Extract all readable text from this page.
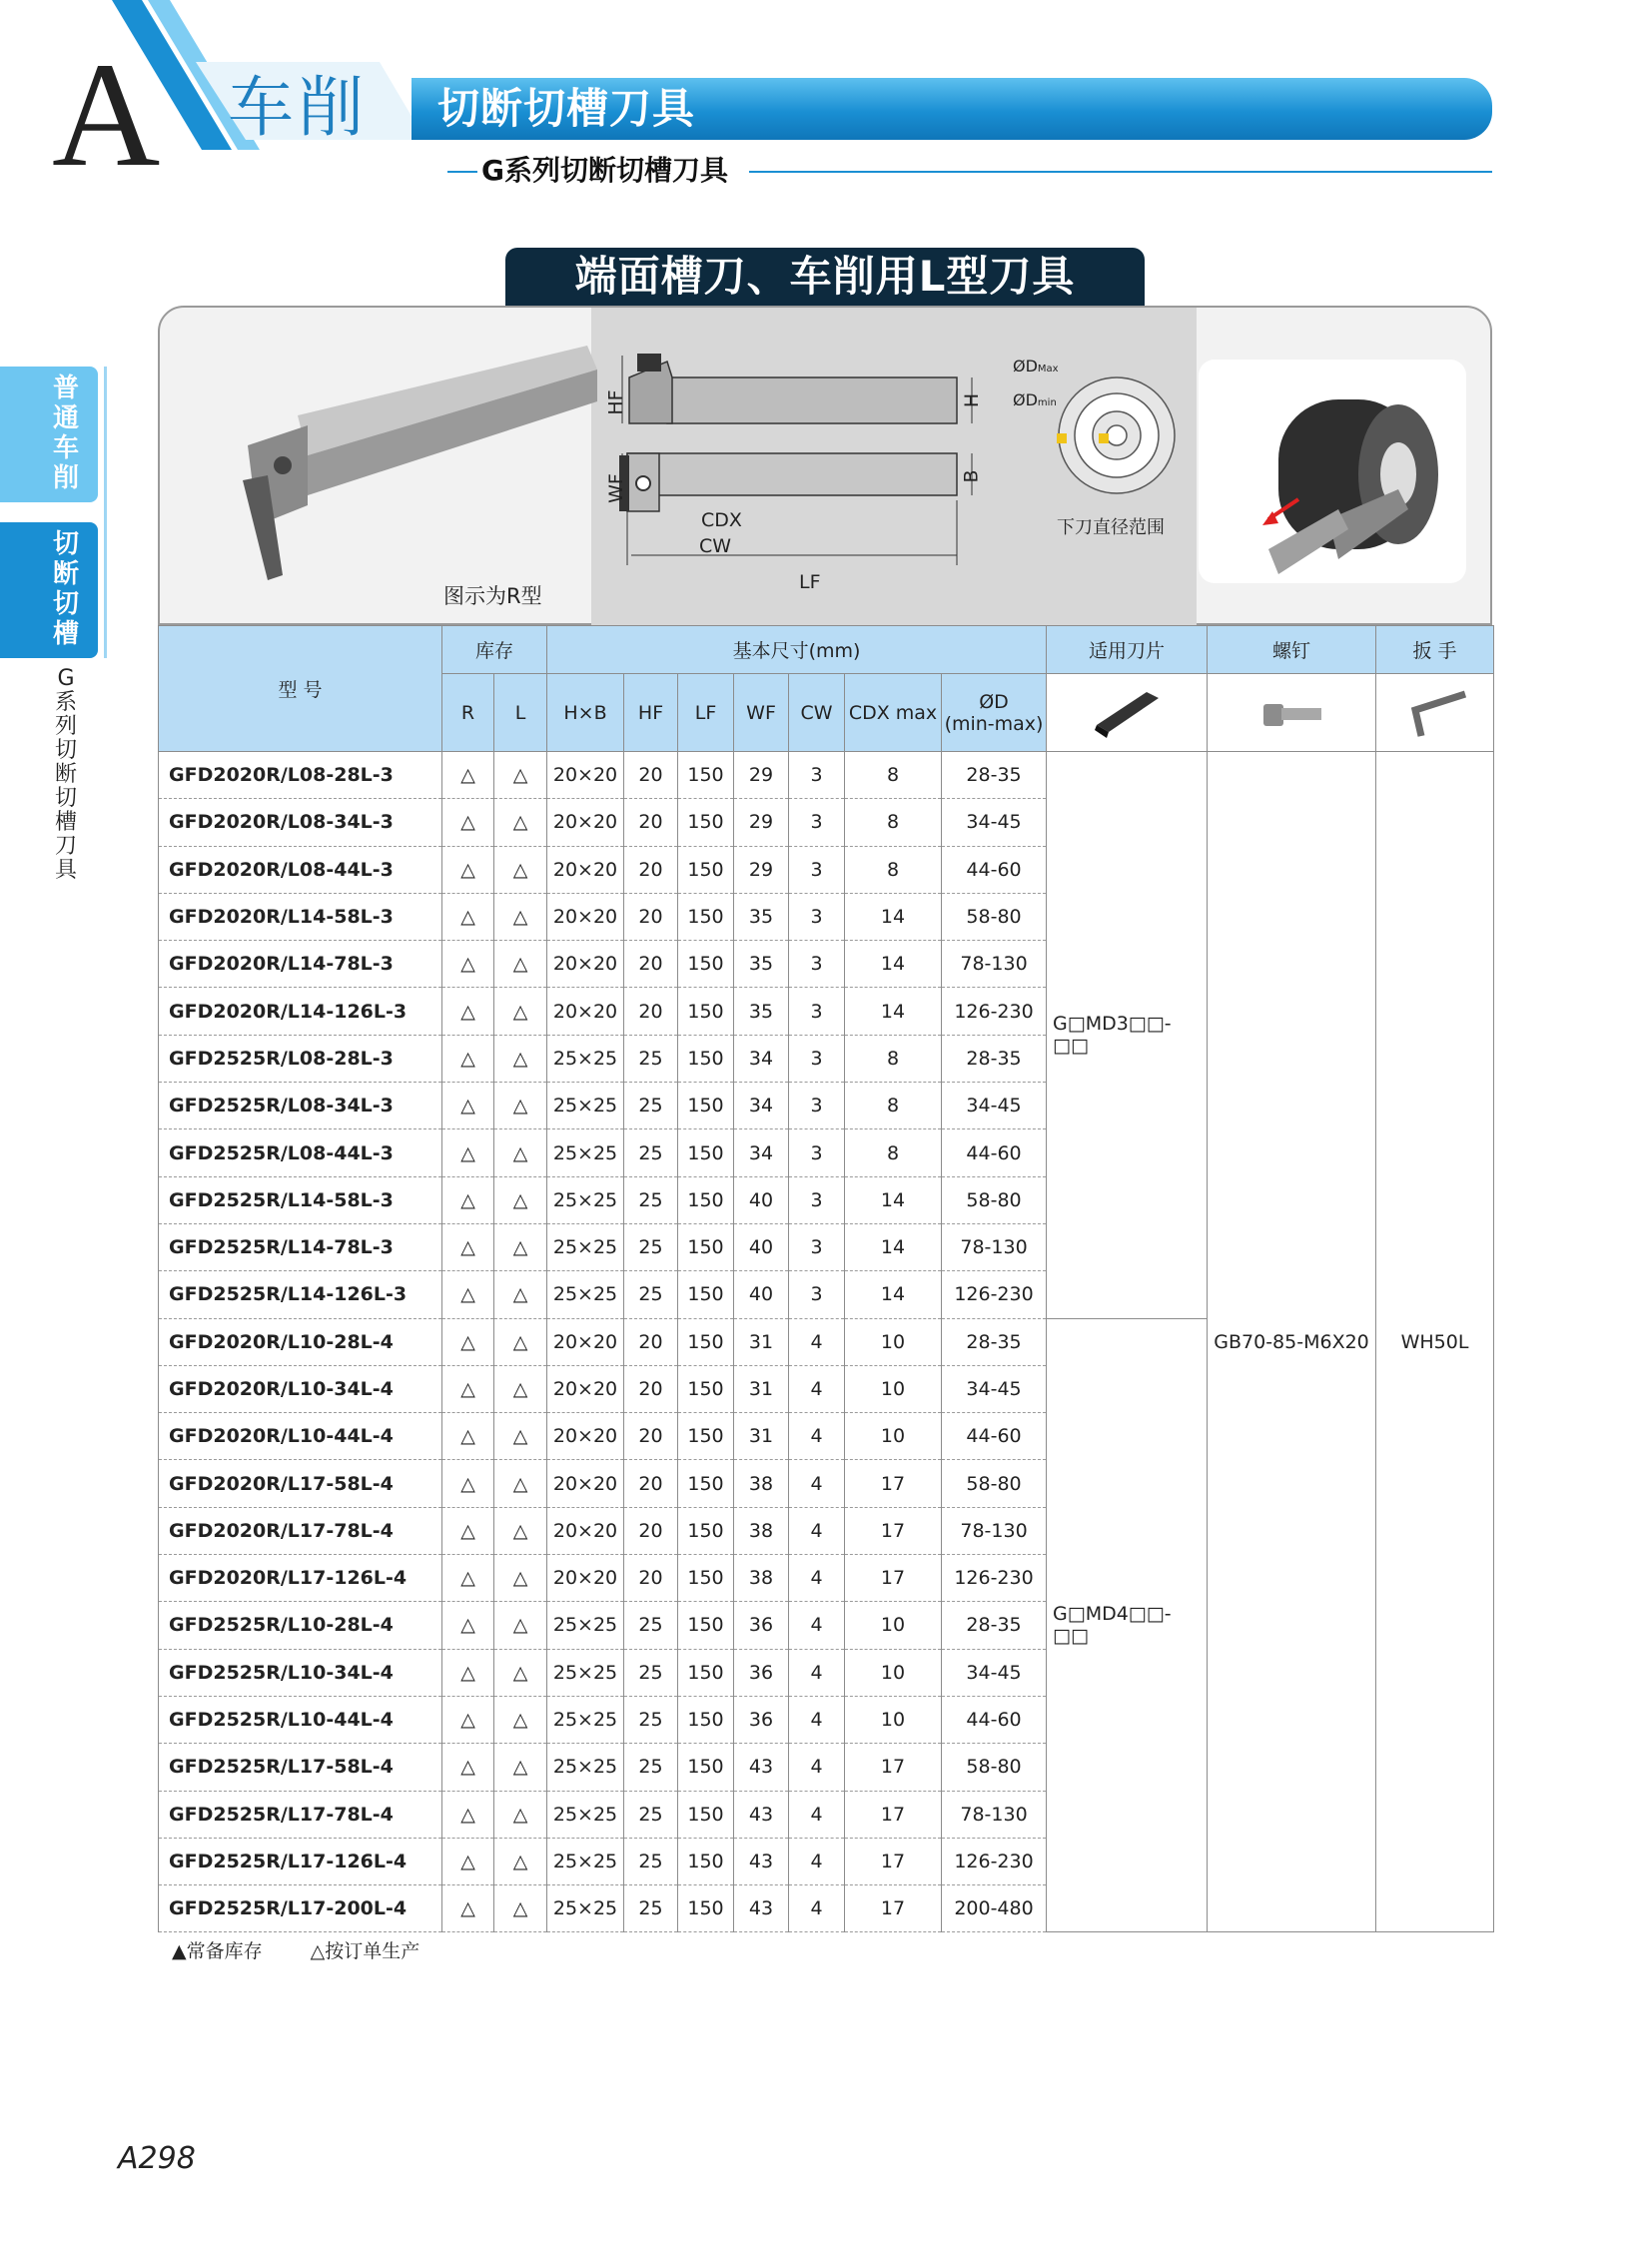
A 车削 切断切槽刀具
G系列切断切槽刀具
普通车削
切断切槽
G系列切断切槽刀具
端面槽刀、车削用L型刀具
HF	H
WF	B
CDX
CW
LF
ØDMax
ØDmin
下刀直径范围
图示为R型
型 号	库存		基本尺寸(mm)							适用刀片	螺钉	扳 手
	R	L	H×B	HF	LF	WF	CW	CDX max	ØD
(min-max)

GFD2020R/L08-28L-3	△	△	20×20	20	150	29	3	8	28-35	G□MD3□□-□□	GB70-85-M6X20	WH50L
GFD2020R/L08-34L-3	△	△	20×20	20	150	29	3	8	34-45			
GFD2020R/L08-44L-3	△	△	20×20	20	150	29	3	8	44-60			
GFD2020R/L14-58L-3	△	△	20×20	20	150	35	3	14	58-80			
GFD2020R/L14-78L-3	△	△	20×20	20	150	35	3	14	78-130			
GFD2020R/L14-126L-3	△	△	20×20	20	150	35	3	14	126-230			
GFD2525R/L08-28L-3	△	△	25×25	25	150	34	3	8	28-35			
GFD2525R/L08-34L-3	△	△	25×25	25	150	34	3	8	34-45			
GFD2525R/L08-44L-3	△	△	25×25	25	150	34	3	8	44-60			
GFD2525R/L14-58L-3	△	△	25×25	25	150	40	3	14	58-80			
GFD2525R/L14-78L-3	△	△	25×25	25	150	40	3	14	78-130			
GFD2525R/L14-126L-3	△	△	25×25	25	150	40	3	14	126-230			
GFD2020R/L10-28L-4	△	△	20×20	20	150	31	4	10	28-35	G□MD4□□-□□		
GFD2020R/L10-34L-4	△	△	20×20	20	150	31	4	10	34-45			
GFD2020R/L10-44L-4	△	△	20×20	20	150	31	4	10	44-60			
GFD2020R/L17-58L-4	△	△	20×20	20	150	38	4	17	58-80			
GFD2020R/L17-78L-4	△	△	20×20	20	150	38	4	17	78-130			
GFD2020R/L17-126L-4	△	△	20×20	20	150	38	4	17	126-230			
GFD2525R/L10-28L-4	△	△	25×25	25	150	36	4	10	28-35			
GFD2525R/L10-34L-4	△	△	25×25	25	150	36	4	10	34-45			
GFD2525R/L10-44L-4	△	△	25×25	25	150	36	4	10	44-60			
GFD2525R/L17-58L-4	△	△	25×25	25	150	43	4	17	58-80			
GFD2525R/L17-78L-4	△	△	25×25	25	150	43	4	17	78-130			
GFD2525R/L17-126L-4	△	△	25×25	25	150	43	4	17	126-230			
GFD2525R/L17-200L-4	△	△	25×25	25	150	43	4	17	200-480			
▲常备库存	△按订单生产
A298
